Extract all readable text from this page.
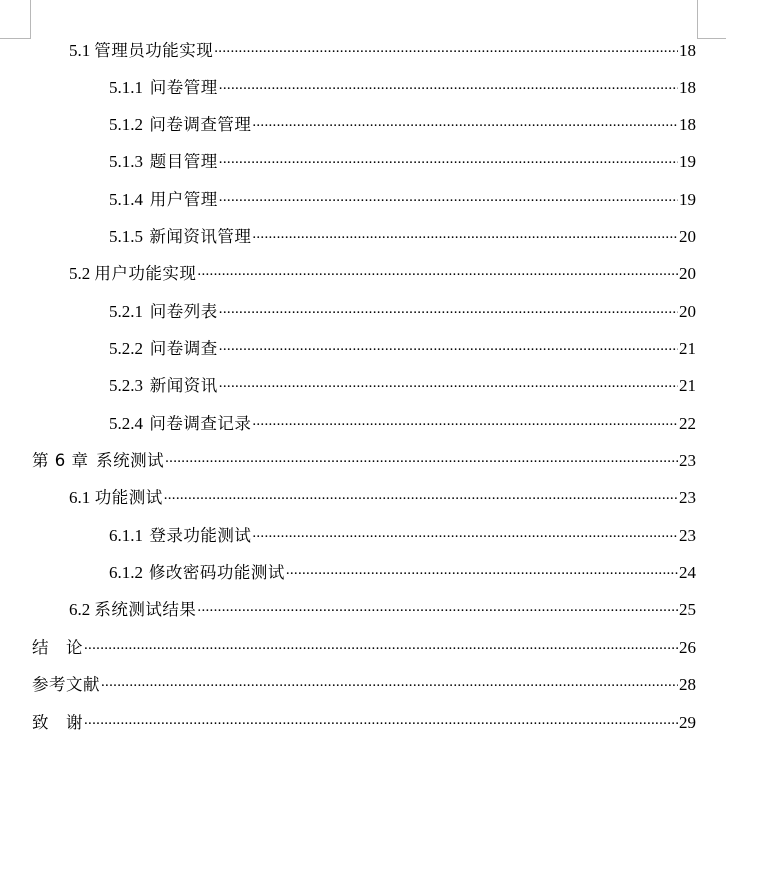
5.1 管理员功能实现 .....	18
5.1.1 问卷管理 .....	18
5.1.2 问卷调查管理 .....	18
5.1.3 题目管理 .....	19
5.1.4 用户管理 .....	19
5.1.5 新闻资讯管理 .....	20
5.2 用户功能实现 .....	20
5.2.1 问卷列表 .....	20
5.2.2 问卷调查 .....	21
5.2.3 新闻资讯 .....	21
5.2.4 问卷调查记录 .....	22
第 6 章 系统测试 .....	23
6.1 功能测试 .....	23
6.1.1 登录功能测试 .....	23
6.1.2 修改密码功能测试 .....	24
6.2 系统测试结果 .....	25
结　论 .....	26
参考文献 .....	28
致　谢 .....	29
